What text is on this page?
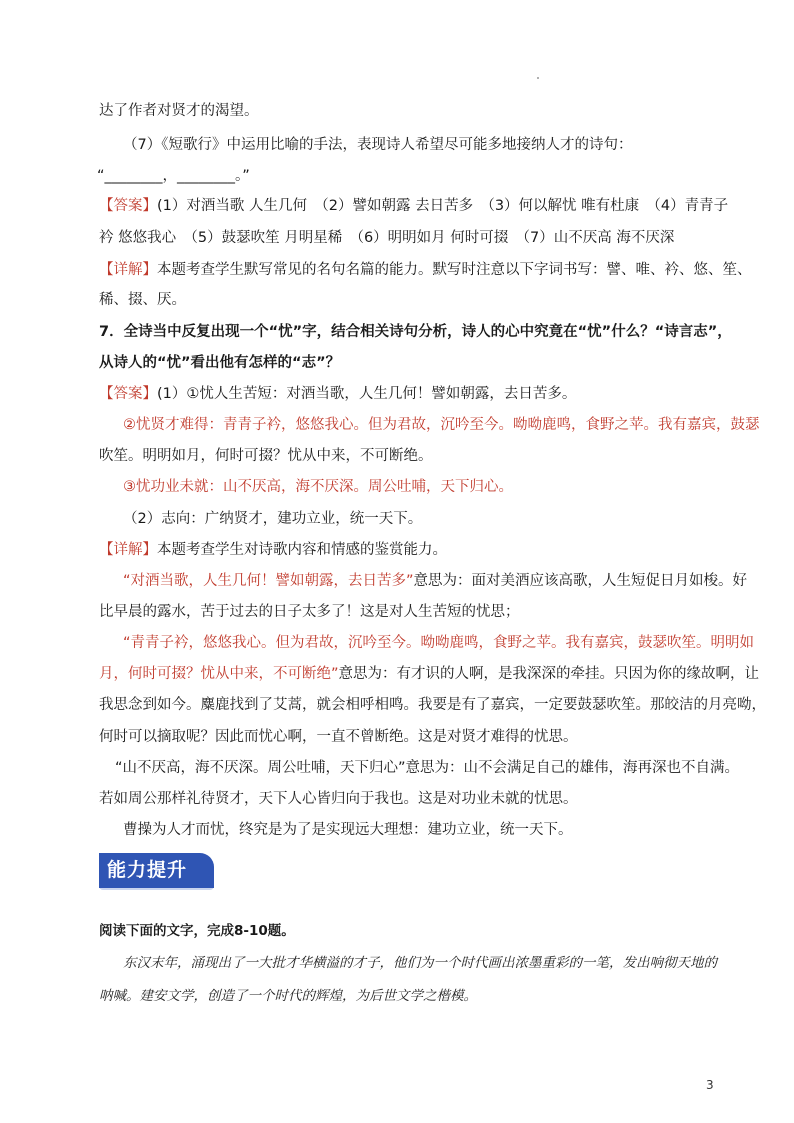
达了作者对贤才的渴望。
（7）《短歌行》中运用比喻的手法，表现诗人希望尽可能多地接纳人才的诗句：
“________，________。”
【答案】(1）对酒当歌 人生几何　（2）譬如朝露 去日苦多　（3）何以解忧 唯有杜康　（4）青青子
衿 悠悠我心　（5）鼓瑟吹笙 月明星稀　（6）明明如月 何时可掇　（7）山不厌高 海不厌深
【详解】本题考查学生默写常见的名句名篇的能力。默写时注意以下字词书写：譬、唯、衿、悠、笙、
稀、掇、厌。
7．全诗当中反复出现一个“忧”字，结合相关诗句分析，诗人的心中究竟在“忧”什么？“诗言志”，
从诗人的“忧”看出他有怎样的“志”？
【答案】(1）①忧人生苦短：对酒当歌，人生几何！譬如朝露，去日苦多。
②忧贤才难得：青青子衿，悠悠我心。但为君故，沉吟至今。呦呦鹿鸣，食野之苹。我有嘉宾，鼓瑟
吹笙。明明如月，何时可掇？忧从中来，不可断绝。
③忧功业未就：山不厌高，海不厌深。周公吐哺，天下归心。
（2）志向：广纳贤才，建功立业，统一天下。
【详解】本题考查学生对诗歌内容和情感的鉴赏能力。
“对酒当歌，人生几何！譬如朝露，去日苦多”意思为：面对美酒应该高歌，人生短促日月如梭。好
比早晨的露水，苦于过去的日子太多了！这是对人生苦短的忧思；
“青青子衿，悠悠我心。但为君故，沉吟至今。呦呦鹿鸣，食野之苹。我有嘉宾，鼓瑟吹笙。明明如
月，何时可掇？忧从中来，不可断绝”意思为：有才识的人啊，是我深深的牵挂。只因为你的缘故啊，让
我思念到如今。麋鹿找到了艾蒿，就会相呼相鸣。我要是有了嘉宾，一定要鼓瑟吹笙。那皎洁的月亮呦，
何时可以摘取呢？因此而忧心啊，一直不曾断绝。这是对贤才难得的忧思。
“山不厌高，海不厌深。周公吐哺，天下归心”意思为：山不会满足自己的雄伟，海再深也不自满。
若如周公那样礼待贤才，天下人心皆归向于我也。这是对功业未就的忧思。
曹操为人才而忧，终究是为了是实现远大理想：建功立业，统一天下。
能力提升
阅读下面的文字，完成8-10题。
东汉末年，涌现出了一大批才华横溢的才子，他们为一个时代画出浓墨重彩的一笔，发出响彻天地的
呐喊。建安文学，创造了一个时代的辉煌，为后世文学之楷模。
3
